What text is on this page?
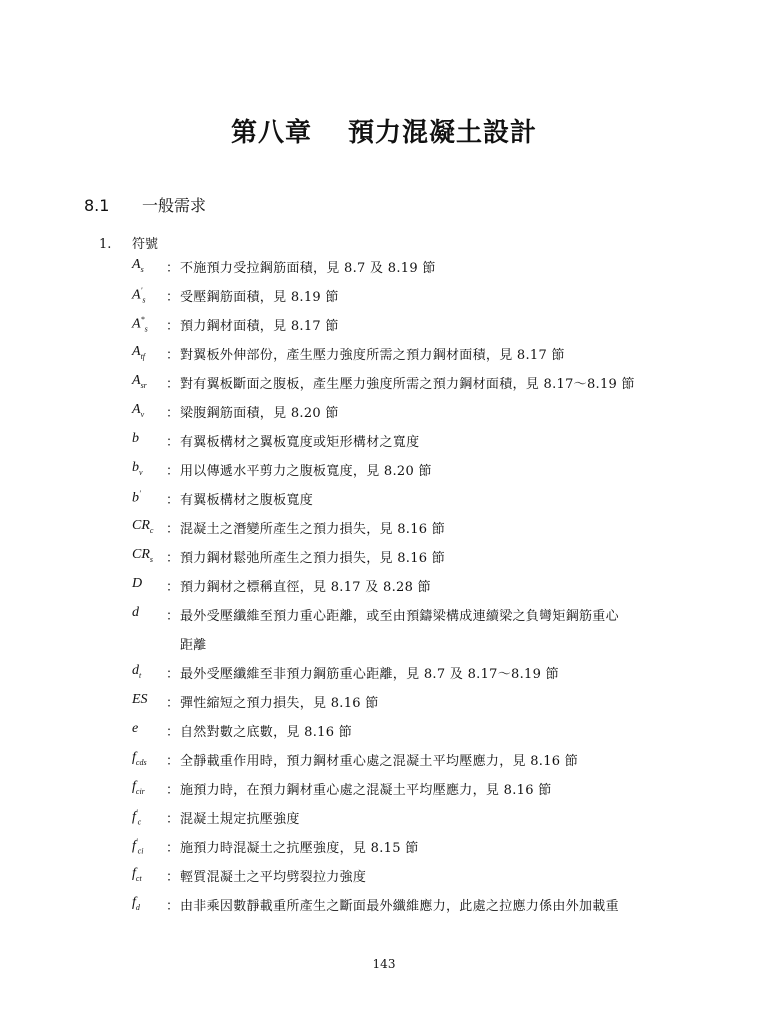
第八章 預力混凝土設計
8.1 一般需求
1. 符號
$A_s$ ： 不施預力受拉鋼筋面積，見 8.7 及 8.19 節
$A'_s$ ： 受壓鋼筋面積，見 8.19 節
$A^*_s$ ： 預力鋼材面積，見 8.17 節
$A_{tf}$ ： 對翼板外伸部份，產生壓力強度所需之預力鋼材面積，見 8.17 節
$A_{sr}$ ： 對有翼板斷面之腹板，產生壓力強度所需之預力鋼材面積，見 8.17～8.19 節
$A_v$ ： 梁腹鋼筋面積，見 8.20 節
b ： 有翼板構材之翼板寬度或矩形構材之寬度
$b_v$ ： 用以傳遞水平剪力之腹板寬度，見 8.20 節
b′ ： 有翼板構材之腹板寬度
$CR_c$ ： 混凝土之潛變所產生之預力損失，見 8.16 節
$CR_s$ ： 預力鋼材鬆弛所產生之預力損失，見 8.16 節
D ： 預力鋼材之標稱直徑，見 8.17 及 8.28 節
d ： 最外受壓纖維至預力重心距離，或至由預鑄梁構成連續梁之負彎矩鋼筋重心
距離
$d_t$ ： 最外受壓纖維至非預力鋼筋重心距離，見 8.7 及 8.17～8.19 節
ES ： 彈性縮短之預力損失，見 8.16 節
e ： 自然對數之底數，見 8.16 節
$f_{cds}$ ： 全靜載重作用時，預力鋼材重心處之混凝土平均壓應力，見 8.16 節
$f_{cir}$ ： 施預力時，在預力鋼材重心處之混凝土平均壓應力，見 8.16 節
$f'_c$ ： 混凝土規定抗壓強度
$f'_{ci}$ ： 施預力時混凝土之抗壓強度，見 8.15 節
$f_{ct}$ ： 輕質混凝土之平均劈裂拉力強度
$f_d$ ： 由非乘因數靜載重所產生之斷面最外纖維應力，此處之拉應力係由外加載重
143
